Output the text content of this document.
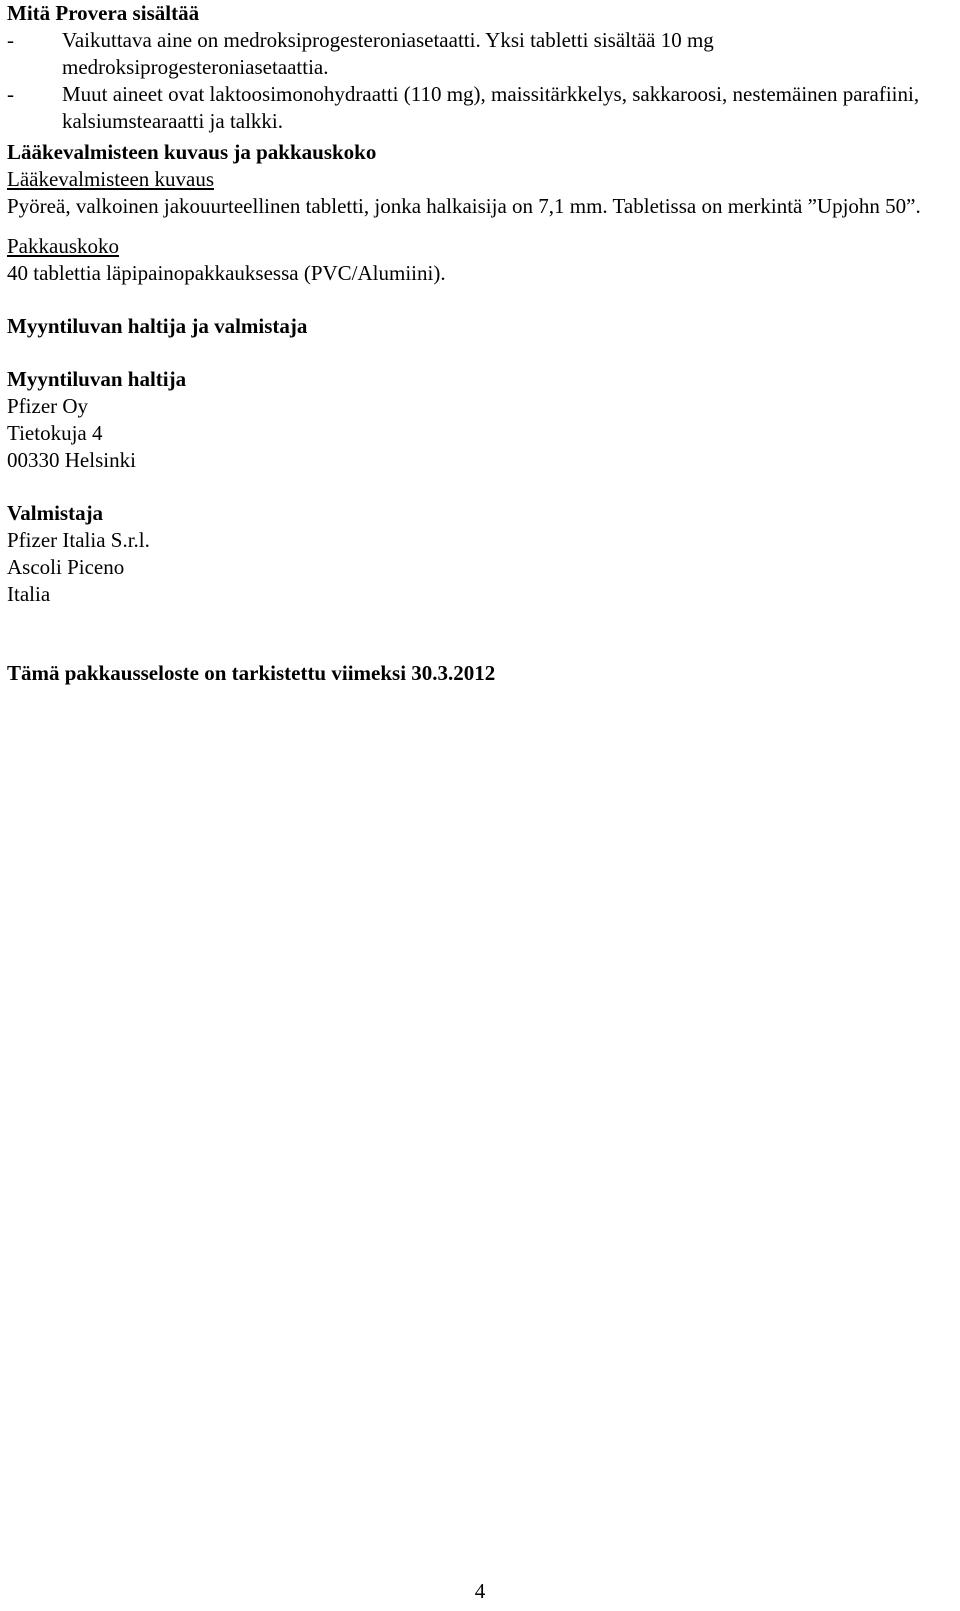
Mitä Provera sisältää

-	Vaikuttava aine on medroksiprogesteroniasetaatti. Yksi tabletti sisältää 10 mg medroksiprogesteroniasetaattia.
-	Muut aineet ovat laktoosimonohydraatti (110 mg), maissitärkkelys, sakkaroosi, nestemäinen parafiini, kalsiumstearaatti ja talkki.

Lääkevalmisteen kuvaus ja pakkauskoko

Lääkevalmisteen kuvaus

Pyöreä, valkoinen jakouurteellinen tabletti, jonka halkaisija on 7,1 mm. Tabletissa on merkintä ”Upjohn 50”.

Pakkauskoko

40 tablettia läpipainopakkauksessa (PVC/Alumiini).

Myyntiluvan haltija ja valmistaja

Myyntiluvan haltija

Pfizer Oy

Tietokuja 4

00330 Helsinki

Valmistaja

Pfizer Italia S.r.l.

Ascoli Piceno

Italia

Tämä pakkausseloste on tarkistettu viimeksi 30.3.2012

4
